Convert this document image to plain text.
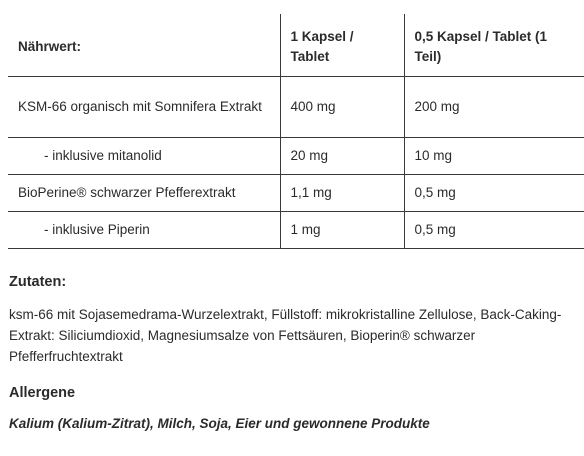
Nährwert:	1 Kapsel / Tablet	0,5 Kapsel / Tablet (1 Teil)
KSM-66 organisch mit Somnifera Extrakt	400 mg	200 mg
- inklusive mitanolid	20 mg	10 mg
BioPerine® schwarzer Pfefferextrakt	1,1 mg	0,5 mg
- inklusive Piperin	1 mg	0,5 mg
Zutaten:

ksm-66 mit Sojasemedrama-Wurzelextrakt, Füllstoff: mikrokristalline Zellulose, Back-Caking-Extrakt: Siliciumdioxid, Magnesiumsalze von Fettsäuren, Bioperin® schwarzer Pfefferfruchtextrakt

Allergene

Kalium (Kalium-Zitrat), Milch, Soja, Eier und gewonnene Produkte
